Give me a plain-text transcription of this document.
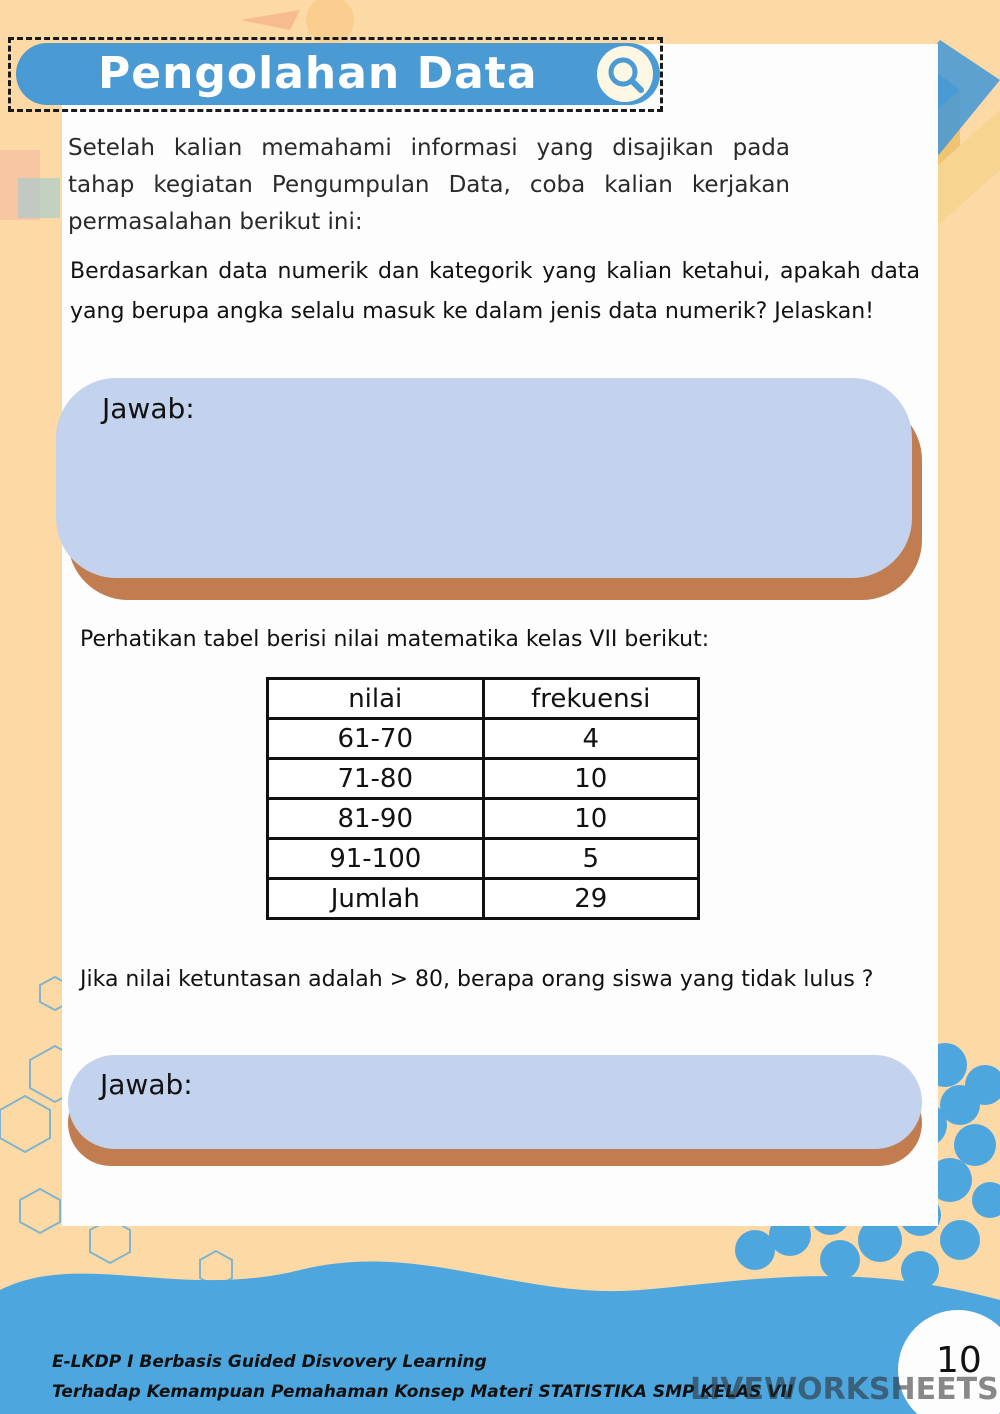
Pengolahan Data
Setelah kalian memahami informasi yang disajikan pada tahap kegiatan Pengumpulan Data, coba kalian kerjakan permasalahan berikut ini:
Berdasarkan data numerik dan kategorik yang kalian ketahui, apakah data yang berupa angka selalu masuk ke dalam jenis data numerik? Jelaskan!
Jawab:
Perhatikan tabel berisi nilai matematika kelas VII berikut:
nilai	frekuensi
61-70	4
71-80	10
81-90	10
91-100	5
Jumlah	29
Jika nilai ketuntasan adalah > 80, berapa orang siswa yang tidak lulus ?
Jawab:
E-LKDP I Berbasis Guided Disvovery Learning
Terhadap Kemampuan Pemahaman Konsep Materi STATISTIKA SMP KELAS VII
LIVEWORKSHEETS
10
